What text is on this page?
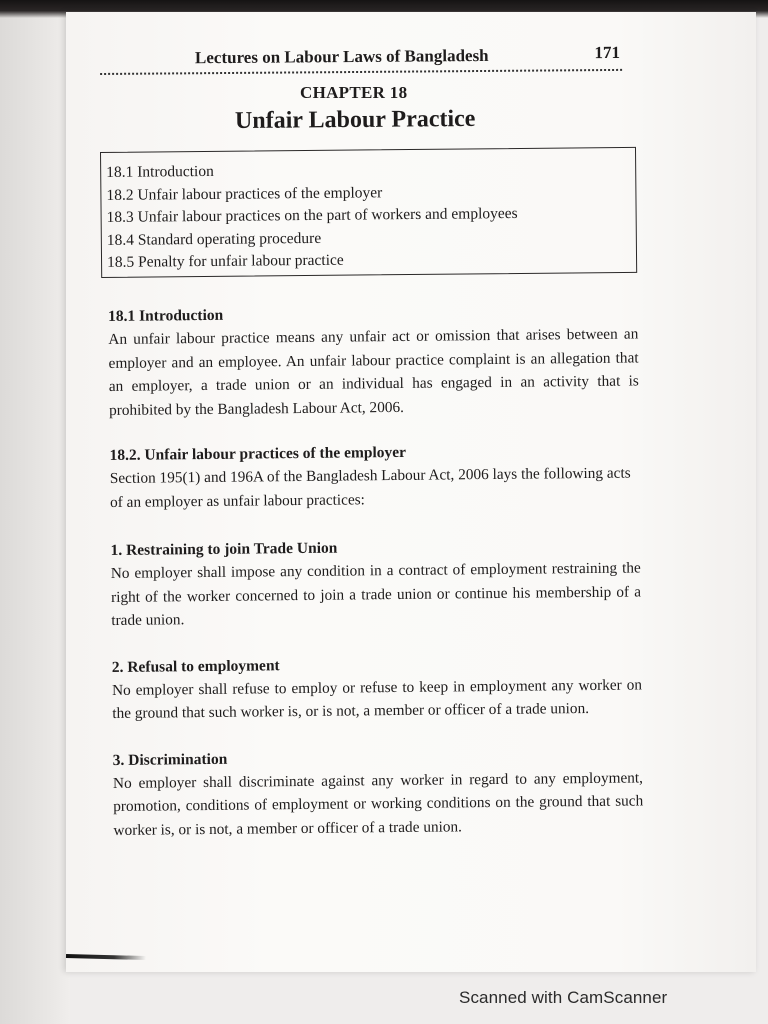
Lectures on Labour Laws of Bangladesh	171
CHAPTER 18
Unfair Labour Practice
18.1 Introduction
18.2 Unfair labour practices of the employer
18.3 Unfair labour practices on the part of workers and employees
18.4 Standard operating procedure
18.5 Penalty for unfair labour practice
18.1 Introduction

An unfair labour practice means any unfair act or omission that arises between an employer and an employee. An unfair labour practice complaint is an allegation that an employer, a trade union or an individual has engaged in an activity that is prohibited by the Bangladesh Labour Act, 2006.

18.2. Unfair labour practices of the employer

Section 195(1) and 196A of the Bangladesh Labour Act, 2006 lays the following acts of an employer as unfair labour practices:

1. Restraining to join Trade Union

No employer shall impose any condition in a contract of employment restraining the right of the worker concerned to join a trade union or continue his membership of a trade union.

2. Refusal to employment

No employer shall refuse to employ or refuse to keep in employment any worker on the ground that such worker is, or is not, a member or officer of a trade union.

3. Discrimination

No employer shall discriminate against any worker in regard to any employment, promotion, conditions of employment or working conditions on the ground that such worker is, or is not, a member or officer of a trade union.

Scanned with CamScanner
